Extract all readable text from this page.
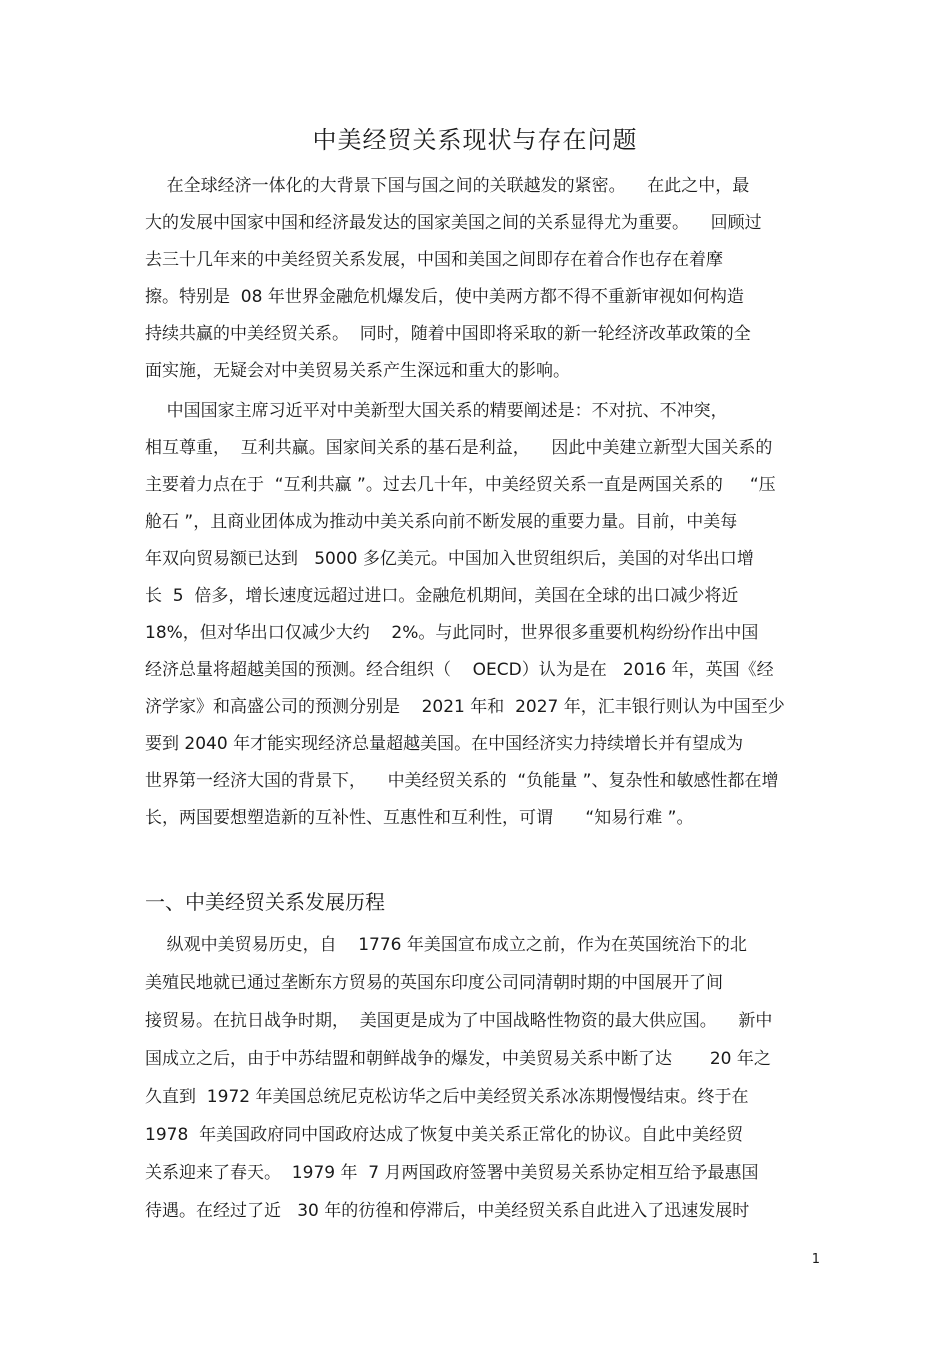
中美经贸关系现状与存在问题

在全球经济一体化的大背景下国与国之间的关联越发的紧密。    在此之中，最

大的发展中国家中国和经济最发达的国家美国之间的关系显得尤为重要。    回顾过

去三十几年来的中美经贸关系发展，中国和美国之间即存在着合作也存在着摩

擦。特别是  08 年世界金融危机爆发后，使中美两方都不得不重新审视如何构造

持续共赢的中美经贸关系。  同时，随着中国即将采取的新一轮经济改革政策的全

面实施，无疑会对中美贸易关系产生深远和重大的影响。

中国国家主席习近平对中美新型大国关系的精要阐述是：不对抗、不冲突，

相互尊重，  互利共赢。国家间关系的基石是利益，    因此中美建立新型大国关系的

主要着力点在于  “互利共赢 ”。过去几十年，中美经贸关系一直是两国关系的     “压

舱石 ”，且商业团体成为推动中美关系向前不断发展的重要力量。目前，中美每

年双向贸易额已达到   5000 多亿美元。中国加入世贸组织后，美国的对华出口增

长  5  倍多，增长速度远超过进口。金融危机期间，美国在全球的出口减少将近

18%，但对华出口仅减少大约    2%。与此同时，世界很多重要机构纷纷作出中国

经济总量将超越美国的预测。经合组织（    OECD）认为是在   2016 年，英国《经

济学家》和高盛公司的预测分别是    2021 年和  2027 年，汇丰银行则认为中国至少

要到 2040 年才能实现经济总量超越美国。在中国经济实力持续增长并有望成为

世界第一经济大国的背景下，    中美经贸关系的  “负能量 ”、复杂性和敏感性都在增

长，两国要想塑造新的互补性、互惠性和互利性，可谓      “知易行难 ”。

一、中美经贸关系发展历程

纵观中美贸易历史，自    1776 年美国宣布成立之前，作为在英国统治下的北

美殖民地就已通过垄断东方贸易的英国东印度公司同清朝时期的中国展开了间

接贸易。在抗日战争时期，  美国更是成为了中国战略性物资的最大供应国。    新中

国成立之后，由于中苏结盟和朝鲜战争的爆发，中美贸易关系中断了达       20 年之

久直到  1972 年美国总统尼克松访华之后中美经贸关系冰冻期慢慢结束。终于在

1978  年美国政府同中国政府达成了恢复中美关系正常化的协议。自此中美经贸

关系迎来了春天。  1979 年  7 月两国政府签署中美贸易关系协定相互给予最惠国

待遇。在经过了近   30 年的彷徨和停滞后，中美经贸关系自此进入了迅速发展时

1
